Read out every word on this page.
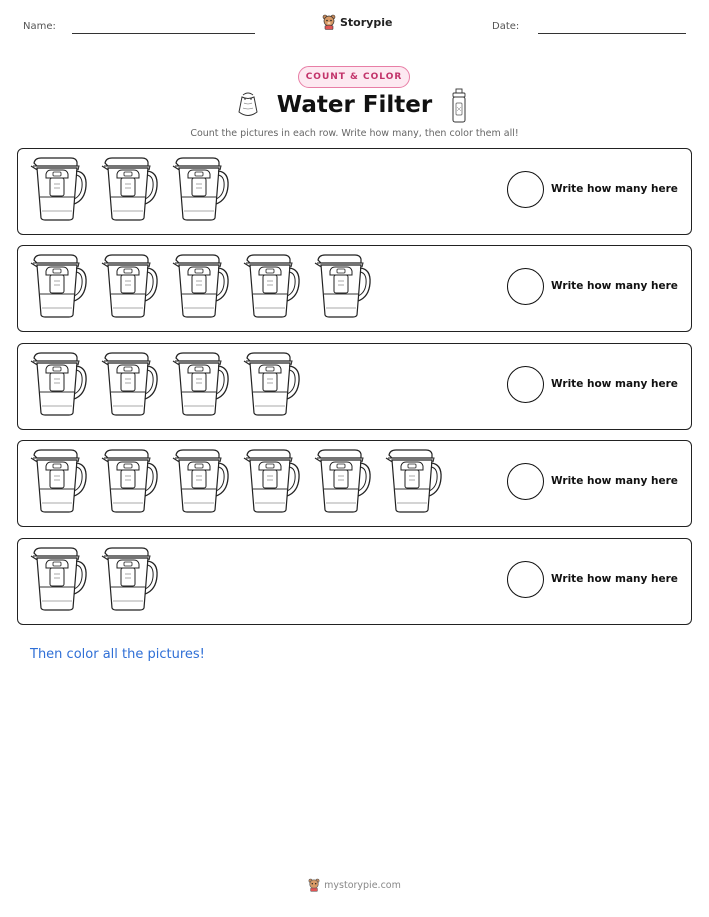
Name:	Storypie	Date:
COUNT & COLOR
Water Filter
Count the pictures in each row. Write how many, then color them all!
Write how many here
Write how many here
Write how many here
Write how many here
Write how many here
Then color all the pictures!
mystorypie.com
